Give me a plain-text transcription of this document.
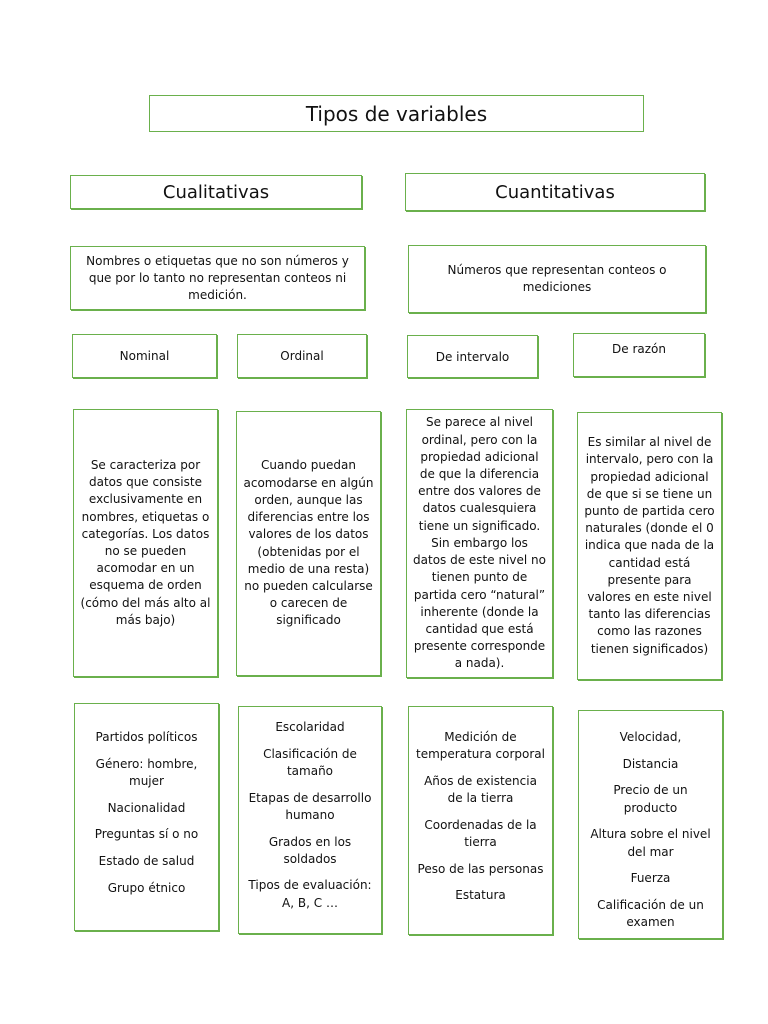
Tipos de variables
Cualitativas	Cuantitativas
Nombres o etiquetas que no son números y que por lo tanto no representan conteos ni medición.
Números que representan conteos o mediciones
Nominal	Ordinal	De intervalo
De razón
Se caracteriza por datos que consiste exclusivamente en nombres, etiquetas o categorías. Los datos no se pueden acomodar en un esquema de orden (cómo del más alto al más bajo)
Cuando puedan acomodarse en algún orden, aunque las diferencias entre los valores de los datos (obtenidas por el medio de una resta) no pueden calcularse o carecen de significado
Se parece al nivel ordinal, pero con la propiedad adicional de que la diferencia entre dos valores de datos cualesquiera tiene un significado. Sin embargo los datos de este nivel no tienen punto de partida cero “natural” inherente (donde la cantidad que está presente corresponde a nada).
Es similar al nivel de intervalo, pero con la propiedad adicional de que si se tiene un punto de partida cero naturales (donde el 0 indica que nada de la cantidad está presente para valores en este nivel tanto las diferencias como las razones tienen significados)
Partidos políticos
Género: hombre, mujer
Nacionalidad
Preguntas sí o no
Estado de salud
Grupo étnico
Escolaridad
Clasificación de tamaño
Etapas de desarrollo humano
Grados en los soldados
Tipos de evaluación: A, B, C …
Medición de temperatura corporal
Años de existencia de la tierra
Coordenadas de la tierra
Peso de las personas
Estatura
Velocidad,
Distancia
Precio de un producto
Altura sobre el nivel del mar
Fuerza
Calificación de un examen
